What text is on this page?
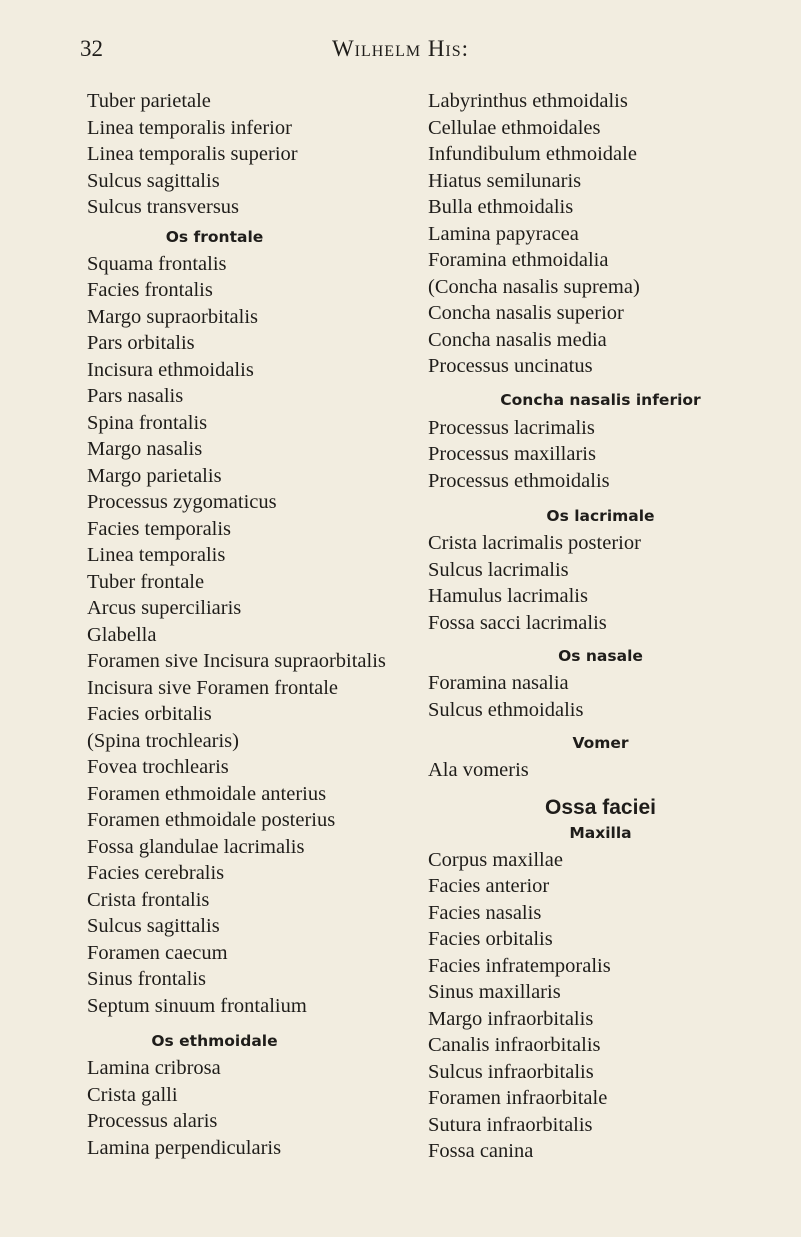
32	Wilhelm His:
Tuber parietale
Linea temporalis inferior
Linea temporalis superior
Sulcus sagittalis
Sulcus transversus
Os frontale
Squama frontalis
Facies frontalis
Margo supraorbitalis
Pars orbitalis
Incisura ethmoidalis
Pars nasalis
Spina frontalis
Margo nasalis
Margo parietalis
Processus zygomaticus
Facies temporalis
Linea temporalis
Tuber frontale
Arcus superciliaris
Glabella
Foramen sive Incisura supraorbitalis
Incisura sive Foramen frontale
Facies orbitalis
(Spina trochlearis)
Fovea trochlearis
Foramen ethmoidale anterius
Foramen ethmoidale posterius
Fossa glandulae lacrimalis
Facies cerebralis
Crista frontalis
Sulcus sagittalis
Foramen caecum
Sinus frontalis
Septum sinuum frontalium
Os ethmoidale
Lamina cribrosa
Crista galli
Processus alaris
Lamina perpendicularis
Labyrinthus ethmoidalis
Cellulae ethmoidales
Infundibulum ethmoidale
Hiatus semilunaris
Bulla ethmoidalis
Lamina papyracea
Foramina ethmoidalia
(Concha nasalis suprema)
Concha nasalis superior
Concha nasalis media
Processus uncinatus
Concha nasalis inferior
Processus lacrimalis
Processus maxillaris
Processus ethmoidalis
Os lacrimale
Crista lacrimalis posterior
Sulcus lacrimalis
Hamulus lacrimalis
Fossa sacci lacrimalis
Os nasale
Foramina nasalia
Sulcus ethmoidalis
Vomer
Ala vomeris
Ossa faciei
Maxilla
Corpus maxillae
Facies anterior
Facies nasalis
Facies orbitalis
Facies infratemporalis
Sinus maxillaris
Margo infraorbitalis
Canalis infraorbitalis
Sulcus infraorbitalis
Foramen infraorbitale
Sutura infraorbitalis
Fossa canina
